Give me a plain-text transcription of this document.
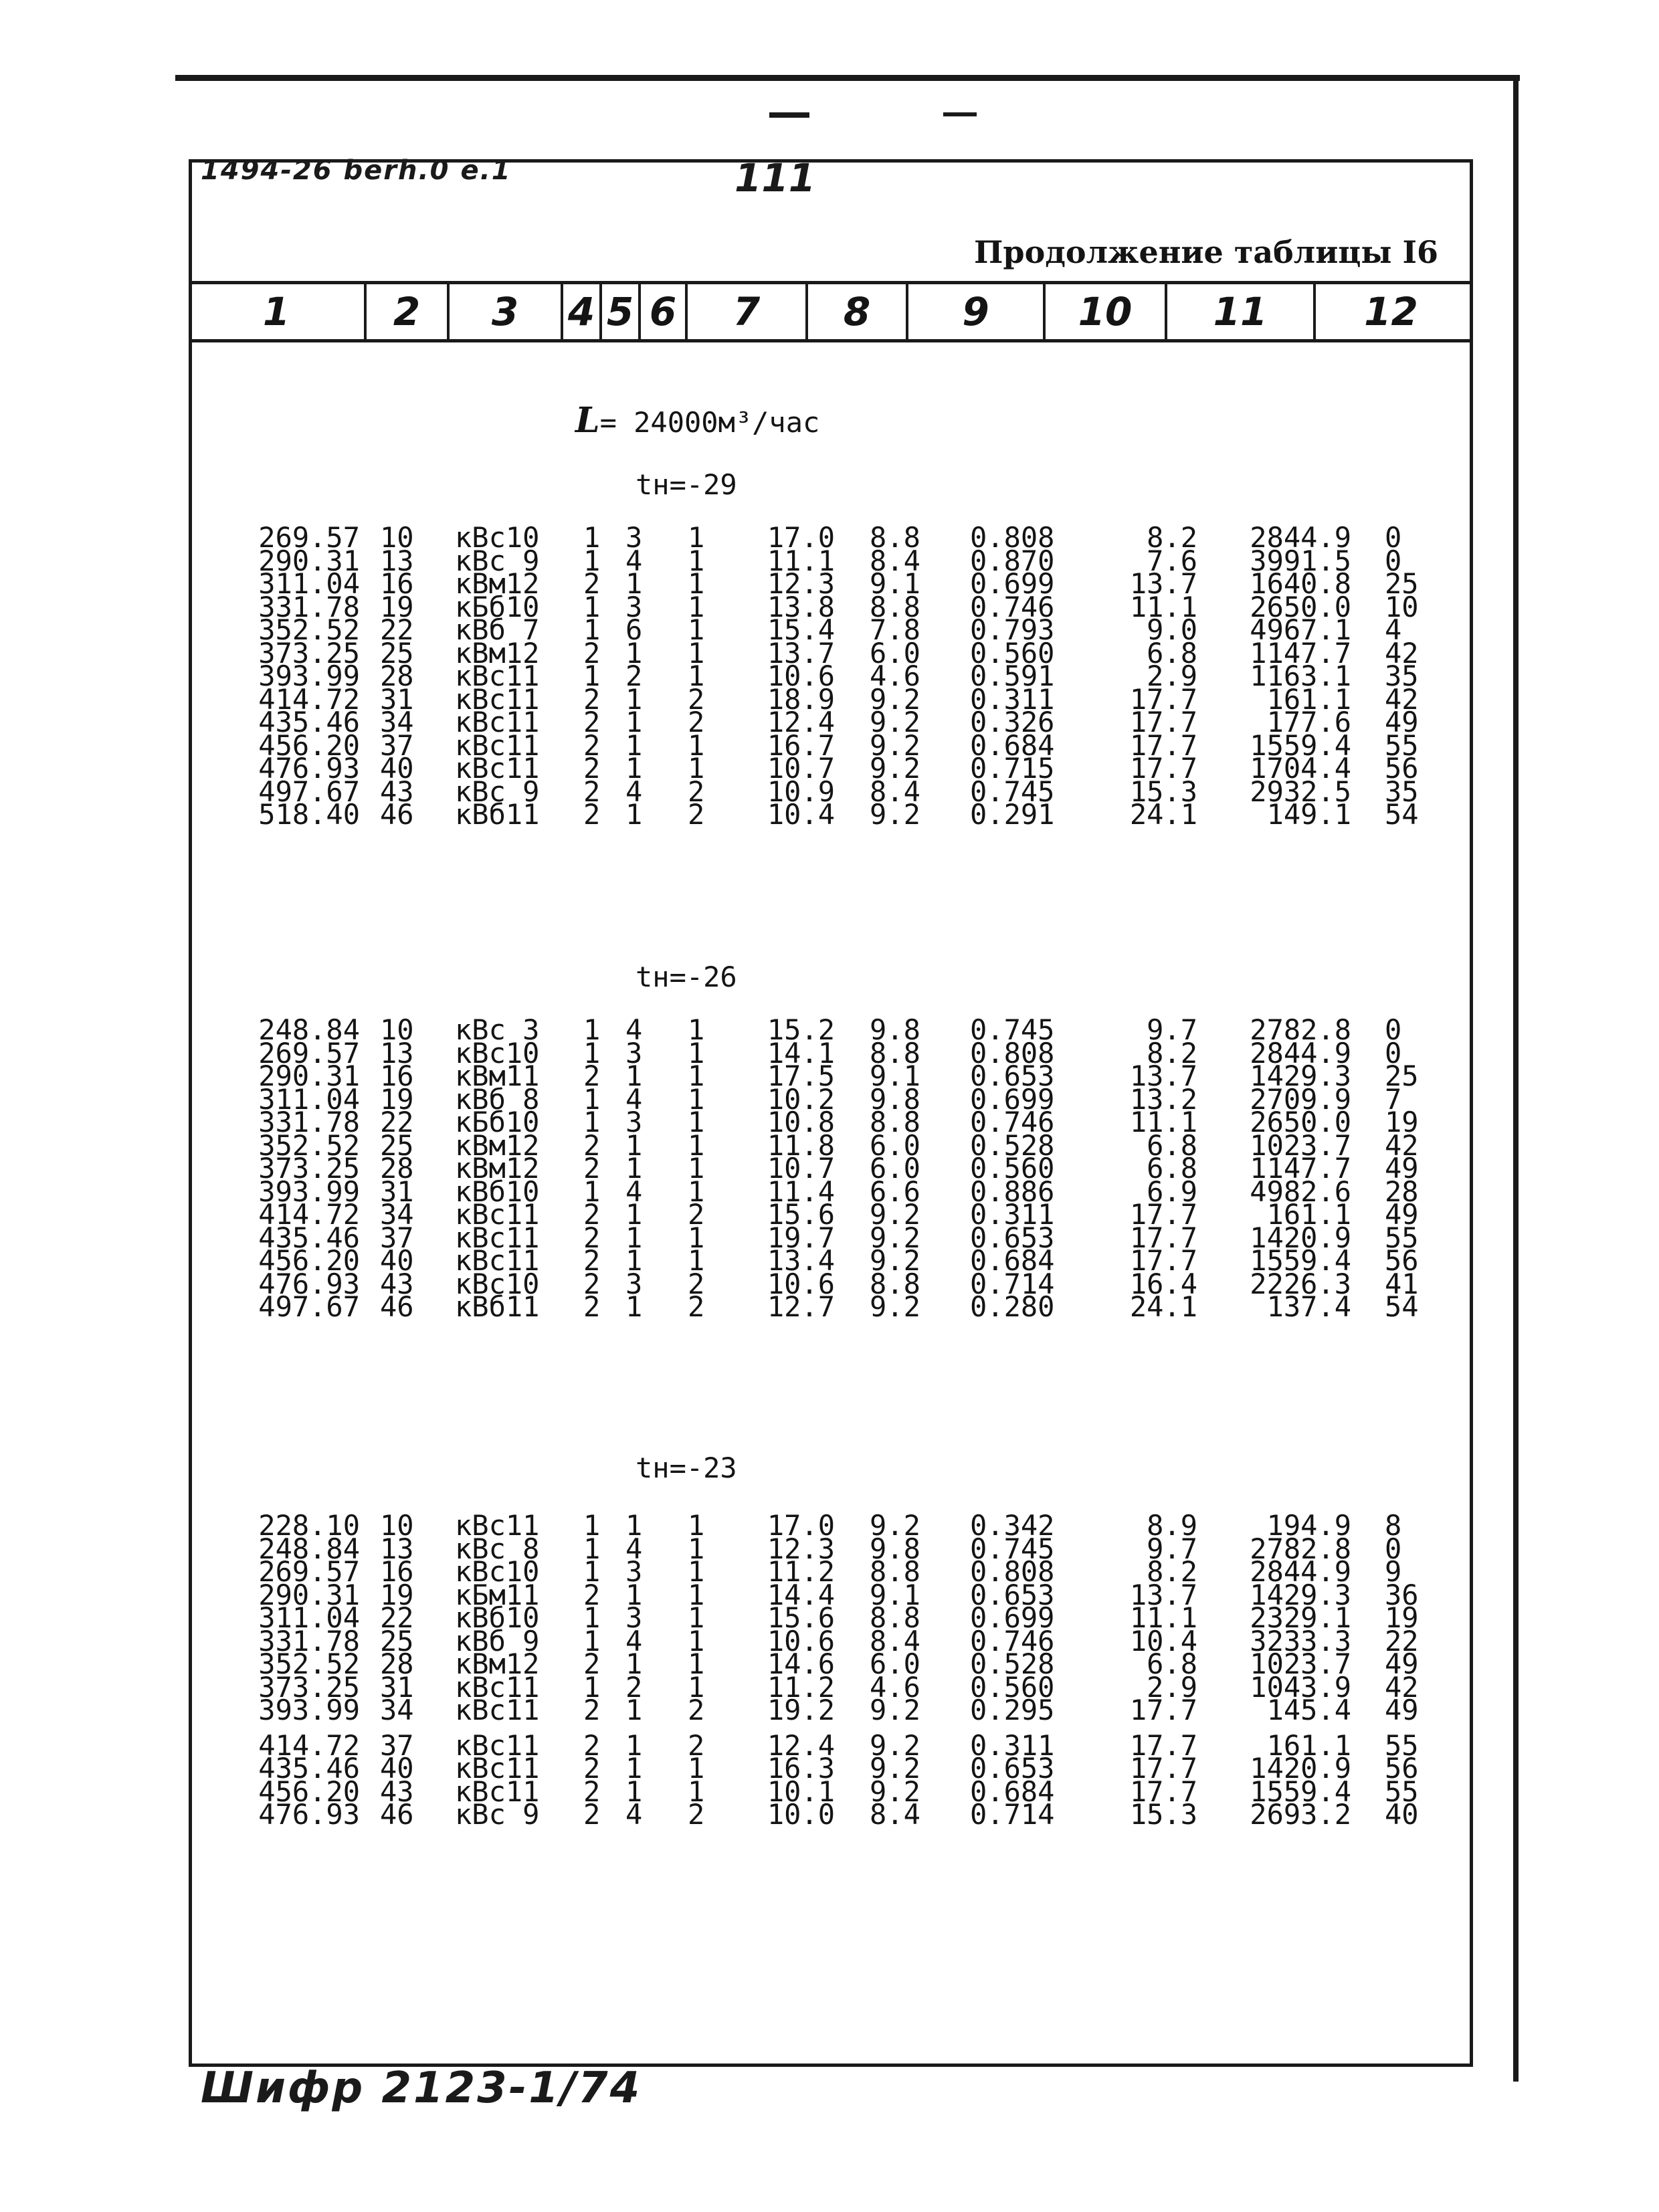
1494-26 berh.0 e.1	111
Продолжение таблицы I6
1	2	3	4 5 6	7	8	9	10	11	12
L= 24000м³/час
tн=-29
269.57 10	кВс10	1 3	1	17.0 8.8	0.808	8.2	2844.9 0
290.31 13	кВс 9	1 4	1	11.1 8.4	0.870	7.6	3991.5 0
311.04 16	кВм12	2 1	1	12.3 9.1	0.699	13.7	1640.8 25
331.78 19	кБб10	1 3	1	13.8 8.8	0.746	11.1	2650.0 10
352.52 22	кВб 7	1 6	1	15.4 7.8	0.793	9.0	4967.1 4
373.25 25	кВм12	2 1	1	13.7 6.0	0.560	6.8	1147.7 42
393.99 28	кВс11	1 2	1	10.6 4.6	0.591	2.9	1163.1 35
414.72 31	кВс11	2 1	2	18.9 9.2	0.311	17.7	161.1 42
435.46 34	кВс11	2 1	2	12.4 9.2	0.326	17.7	177.6 49
456.20 37	кВс11	2 1	1	16.7 9.2	0.684	17.7	1559.4 55
476.93 40	кВс11	2 1	1	10.7 9.2	0.715	17.7	1704.4 56
497.67 43	кВс 9	2 4	2	10.9 8.4	0.745	15.3	2932.5 35
518.40 46	кВб11	2 1	2	10.4 9.2	0.291	24.1	149.1 54
tн=-26
248.84 10	кВс 3	1 4	1	15.2 9.8	0.745	9.7	2782.8 0
269.57 13	кВс10	1 3	1	14.1 8.8	0.808	8.2	2844.9 0
290.31 16	кВм11	2 1	1	17.5 9.1	0.653	13.7	1429.3 25
311.04 19	кВб 8	1 4	1	10.2 9.8	0.699	13.2	2709.9 7
331.78 22	кБб10	1 3	1	10.8 8.8	0.746	11.1	2650.0 19
352.52 25	кВм12	2 1	1	11.8 6.0	0.528	6.8	1023.7 42
373.25 28	кВм12	2 1	1	10.7 6.0	0.560	6.8	1147.7 49
393.99 31	кВб10	1 4	1	11.4 6.6	0.886	6.9	4982.6 28
414.72 34	кВс11	2 1	2	15.6 9.2	0.311	17.7	161.1 49
435.46 37	кВс11	2 1	1	19.7 9.2	0.653	17.7	1420.9 55
456.20 40	кВс11	2 1	1	13.4 9.2	0.684	17.7	1559.4 56
476.93 43	кВс10	2 3	2	10.6 8.8	0.714	16.4	2226.3 41
497.67 46	кВб11	2 1	2	12.7 9.2	0.280	24.1	137.4 54
tн=-23
228.10 10	кВс11	1 1	1	17.0 9.2	0.342	8.9	194.9 8
248.84 13	кВс 8	1 4	1	12.3 9.8	0.745	9.7	2782.8 0
269.57 16	кВс10	1 3	1	11.2 8.8	0.808	8.2	2844.9 9
290.31 19	кБм11	2 1	1	14.4 9.1	0.653	13.7	1429.3 36
311.04 22	кВб10	1 3	1	15.6 8.8	0.699	11.1	2329.1 19
331.78 25	кВб 9	1 4	1	10.6 8.4	0.746	10.4	3233.3 22
352.52 28	кВм12	2 1	1	14.6 6.0	0.528	6.8	1023.7 49
373.25 31	кВс11	1 2	1	11.2 4.6	0.560	2.9	1043.9 42
393.99 34	кВс11	2 1	2	19.2 9.2	0.295	17.7	145.4 49
414.72 37	кВс11	2 1	2	12.4 9.2	0.311	17.7	161.1 55
435.46 40	кВс11	2 1	1	16.3 9.2	0.653	17.7	1420.9 56
456.20 43	кВс11	2 1	1	10.1 9.2	0.684	17.7	1559.4 55
476.93 46	кВс 9	2 4	2	10.0 8.4	0.714	15.3	2693.2 40
Шифр 2123-1/74
